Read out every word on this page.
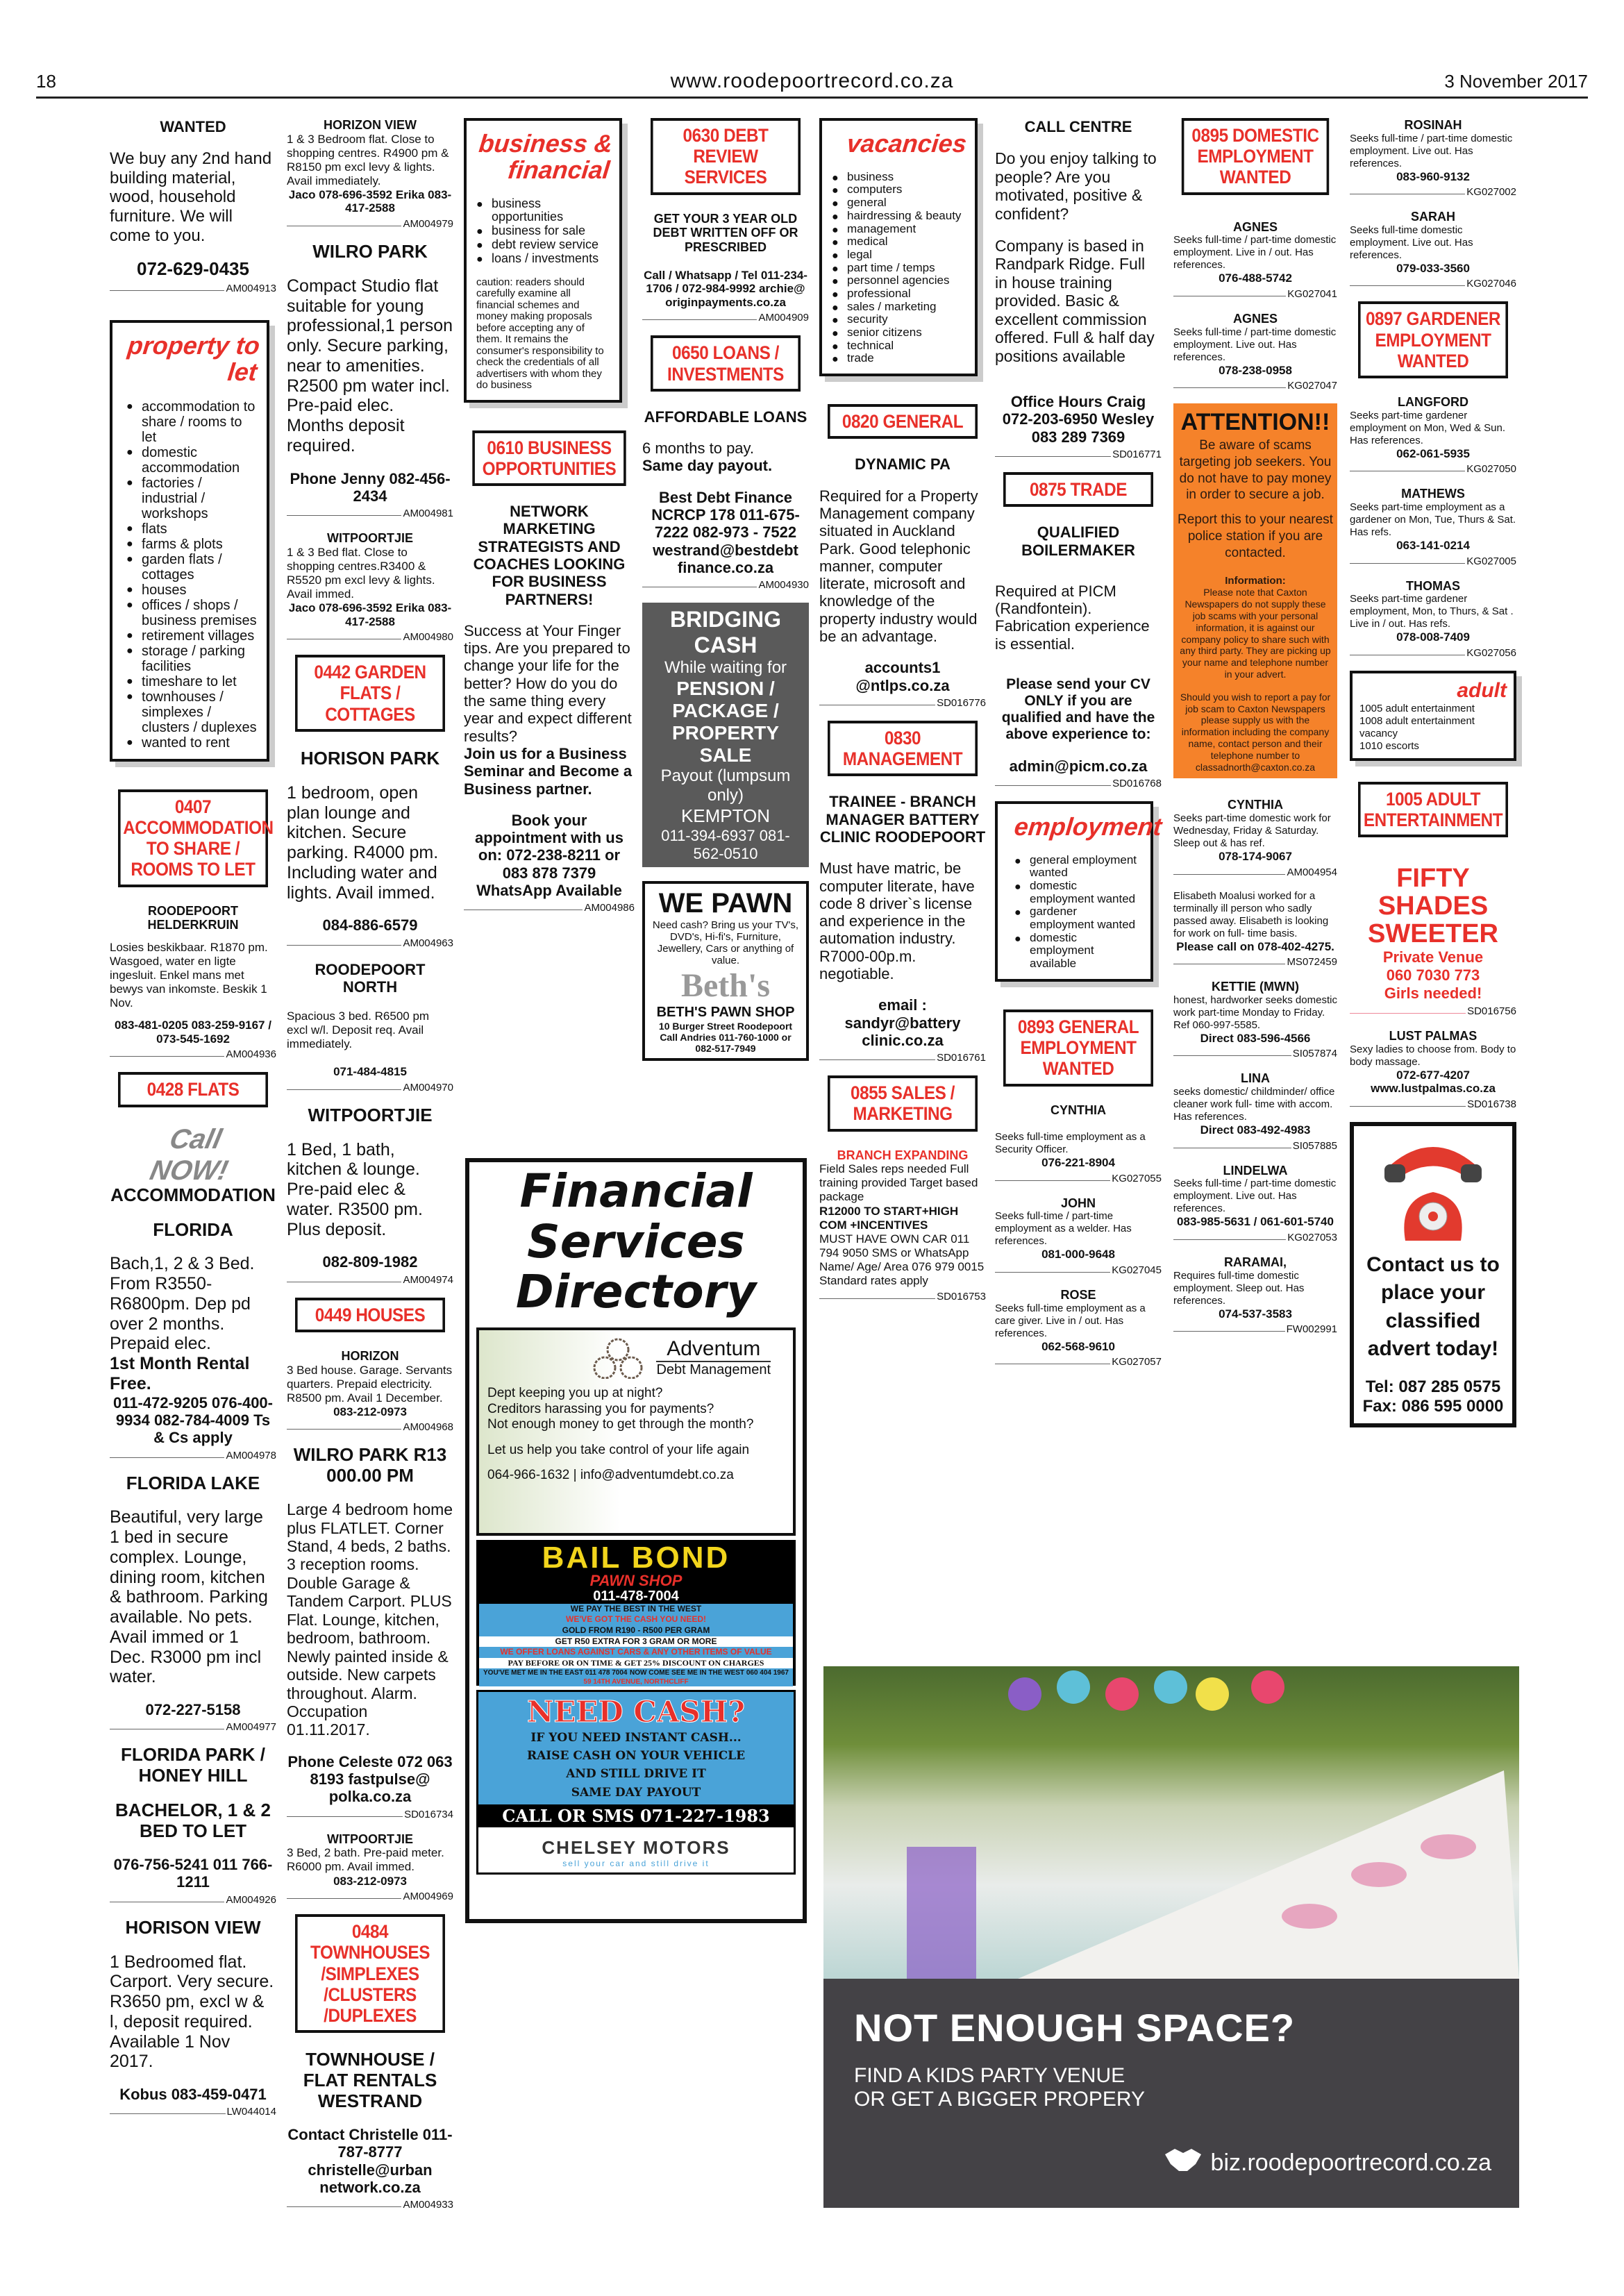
18	www.roodepoortrecord.co.za	3 November 2017
WANTED
We buy any 2nd hand building material, wood, household furniture. We will come to you.
072-629-0435
AM004913
property to let
● accommodation to share / rooms to let
● domestic accommodation
● factories / industrial / workshops
● flats
● farms & plots
● garden flats / cottages
● houses
● offices / shops / business premises
● retirement villages
● storage / parking facilities
● timeshare to let
● townhouses / simplexes / clusters / duplexes
● wanted to rent
0407 ACCOMMODATION TO SHARE / ROOMS TO LET
ROODEPOORT HELDERKRUIN
Losies beskikbaar. R1870 pm. Wasgoed, water en ligte ingesluit. Enkel mans met bewys van inkomste. Beskik 1 Nov.
083-481-0205 083-259-9167 / 073-545-1692
AM004936
0428 FLATS
Call NOW!
ACCOMMODATION
FLORIDA
Bach,1, 2 & 3 Bed. From R3550-R6800pm. Dep pd over 2 months. Prepaid elec.
1st Month Rental Free.
011-472-9205 076-400-9934 082-784-4009 Ts & Cs apply
AM004978
FLORIDA LAKE
Beautiful, very large 1 bed in secure complex. Lounge, dining room, kitchen & bathroom. Parking available. No pets. Avail immed or 1 Dec. R3000 pm incl water.
072-227-5158
AM004977
FLORIDA PARK / HONEY HILL
BACHELOR, 1 & 2 BED TO LET
076-756-5241 011 766-1211
AM004926
HORISON VIEW
1 Bedroomed flat. Carport. Very secure. R3650 pm, excl w & l, deposit required. Available 1 Nov 2017.
Kobus 083-459-0471
LW044014
HORIZON VIEW
1 & 3 Bedroom flat. Close to shopping centres. R4900 pm & R8150 pm excl levy & lights. Avail immediately.
Jaco 078-696-3592 Erika 083-417-2588
AM004979
WILRO PARK
Compact Studio flat suitable for young professional,1 person only. Secure parking, near to amenities. R2500 pm water incl. Pre-paid elec. Months deposit required.
Phone Jenny 082-456-2434
AM004981
WITPOORTJIE
1 & 3 Bed flat. Close to shopping centres.R3400 & R5520 pm excl levy & lights. Avail immed.
Jaco 078-696-3592 Erika 083-417-2588
AM004980
0442 GARDEN FLATS / COTTAGES
HORISON PARK
1 bedroom, open plan lounge and kitchen. Secure parking. R4000 pm. Including water and lights. Avail immed.
084-886-6579
AM004963
ROODEPOORT NORTH
Spacious 3 bed. R6500 pm excl w/l. Deposit req. Avail immediately.
071-484-4815
AM004970
WITPOORTJIE
1 Bed, 1 bath, kitchen & lounge. Pre-paid elec & water. R3500 pm. Plus deposit.
082-809-1982
AM004974
0449 HOUSES
HORIZON
3 Bed house. Garage. Servants quarters. Prepaid electricity. R8500 pm. Avail 1 December.
083-212-0973
AM004968
WILRO PARK R13 000.00 PM
Large 4 bedroom home plus FLATLET. Corner Stand, 4 beds, 2 baths. 3 reception rooms. Double Garage & Tandem Carport. PLUS Flat. Lounge, kitchen, bedroom, bathroom. Newly painted inside & outside. New carpets throughout. Alarm. Occupation 01.11.2017.
Phone Celeste 072 063 8193 fastpulse@ polka.co.za
SD016734
WITPOORTJIE
3 Bed, 2 bath. Pre-paid meter. R6000 pm. Avail immed.
083-212-0973
AM004969
0484 TOWNHOUSES /SIMPLEXES /CLUSTERS /DUPLEXES
TOWNHOUSE / FLAT RENTALS WESTRAND
Contact Christelle 011-787-8777 christelle@urban network.co.za
AM004933
business & financial
● business opportunities
● business for sale
● debt review service
● loans / investments
caution: readers should carefully examine all financial schemes and money making proposals before accepting any of them. It remains the consumer's responsibility to check the credentials of all advertisers with whom they do business
0610 BUSINESS OPPORTUNITIES
NETWORK MARKETING STRATEGISTS AND COACHES LOOKING FOR BUSINESS PARTNERS!
Success at Your Finger tips. Are you prepared to change your life for the better? How do you do the same thing every year and expect different results?
Join us for a Business Seminar and Become a Business partner.
Book your appointment with us on: 072-238-8211 or 083 878 7379 WhatsApp Available
AM004986
0630 DEBT REVIEW SERVICES
GET YOUR 3 YEAR OLD DEBT WRITTEN OFF OR PRESCRIBED
Call / Whatsapp / Tel 011-234-1706 / 072-984-9992 archie@ originpayments.co.za
AM004909
0650 LOANS / INVESTMENTS
AFFORDABLE LOANS
6 months to pay.
Same day payout.
Best Debt Finance NCRCP 178 011-675-7222 082-973 - 7522 westrand@bestdebt finance.co.za
AM004930
BRIDGING CASH
While waiting for
PENSION / PACKAGE / PROPERTY SALE
Payout (lumpsum only)
KEMPTON
011-394-6937 081-562-0510
WE PAWN
Need cash? Bring us your TV's, DVD's, Hi-fi's, Furniture, Jewellery, Cars or anything of value.
Beth's
BETH'S PAWN SHOP
10 Burger Street Roodepoort
Call Andries 011-760-1000 or 082-517-7949
Financial Services Directory

Adventum
Debt Management
Dept keeping you up at night?
Creditors harassing you for payments?
Not enough money to get through the month?
Let us help you take control of your life again
064-966-1632 | info@adventumdebt.co.za
BAIL BOND
PAWN SHOP
011-478-7004
WE PAY THE BEST IN THE WEST
WE'VE GOT THE CASH YOU NEED!
GOLD FROM R190 - R500 PER GRAM
GET R50 EXTRA FOR 3 GRAM OR MORE
WE OFFER LOANS AGAINST CARS & ANY OTHER ITEMS OF VALUE
PAY BEFORE OR ON TIME & GET 25% DISCOUNT ON CHARGES
YOU'VE MET ME IN THE EAST 011 478 7004 NOW COME SEE ME IN THE WEST 060 404 1967
59 14TH AVENUE, NORTHCLIFF
NEED CASH?
IF YOU NEED INSTANT CASH...
RAISE CASH ON YOUR VEHICLE
AND STILL DRIVE IT
SAME DAY PAYOUT
CALL OR SMS 071-227-1983
CHELSEY MOTORS
sell your car and still drive it
vacancies
● business
● computers
● general
● hairdressing & beauty
● management
● medical
● legal
● part time / temps
● personnel agencies
● professional
● sales / marketing
● security
● senior citizens
● technical
● trade
0820 GENERAL
DYNAMIC PA
Required for a Property Management company situated in Auckland Park. Good telephonic manner, computer literate, microsoft and knowledge of the property industry would be an advantage.
accounts1 @ntlps.co.za
SD016776
0830 MANAGEMENT
TRAINEE - BRANCH MANAGER BATTERY CLINIC ROODEPOORT
Must have matric, be computer literate, have code 8 driver`s license and experience in the automation industry. R7000-00p.m. negotiable.
email : sandyr@battery clinic.co.za
SD016761
0855 SALES / MARKETING
BRANCH EXPANDING
Field Sales reps needed Full training provided Target based package
R12000 TO START+HIGH COM +INCENTIVES
MUST HAVE OWN CAR 011 794 9050 SMS or WhatsApp Name/ Age/ Area 076 979 0015 Standard rates apply
SD016753
CALL CENTRE
Do you enjoy talking to people? Are you motivated, positive & confident?
Company is based in Randpark Ridge. Full in house training provided. Basic & excellent commission offered. Full & half day positions available
Office Hours Craig 072-203-6950 Wesley 083 289 7369
SD016771
0875 TRADE
QUALIFIED BOILERMAKER
Required at PICM (Randfontein). Fabrication experience is essential.
Please send your CV ONLY if you are qualified and have the above experience to:
admin@picm.co.za
SD016768
employment
● general employment wanted
● domestic employment wanted
● gardener employment wanted
● domestic employment available
0893 GENERAL EMPLOYMENT WANTED
CYNTHIA
Seeks full-time employment as a Security Officer.
076-221-8904
KG027055
JOHN
Seeks full-time / part-time employment as a welder. Has references.
081-000-9648
KG027045
ROSE
Seeks full-time employment as a care giver. Live in / out. Has references.
062-568-9610
KG027057
0895 DOMESTIC EMPLOYMENT WANTED
AGNES
Seeks full-time / part-time domestic employment. Live in / out. Has references.
076-488-5742
KG027041
AGNES
Seeks full-time / part-time domestic employment. Live out. Has references.
078-238-0958
KG027047
ATTENTION!!
Be aware of scams targeting job seekers. You do not have to pay money in order to secure a job.
Report this to your nearest police station if you are contacted.
Information:
Please note that Caxton Newspapers do not supply these job scams with your personal information, it is against our company policy to share such with any third party. They are picking up your name and telephone number in your advert.
Should you wish to report a pay for job scam to Caxton Newspapers please supply us with the information including the company name, contact person and their telephone number to classadnorth@caxton.co.za
CYNTHIA
Seeks part-time domestic work for Wednesday, Friday & Saturday. Sleep out & has ref.
078-174-9067
AM004954
Elisabeth Moalusi worked for a terminally ill person who sadly passed away. Elisabeth is looking for work on full- time basis.
Please call on 078-402-4275.
MS072459
KETTIE (MWN)
honest, hardworker seeks domestic work part-time Monday to Friday. Ref 060-997-5585.
Direct 083-596-4566
SI057874
LINA
seeks domestic/ childminder/ office cleaner work full- time with accom. Has references.
Direct 083-492-4983
SI057885
LINDELWA
Seeks full-time / part-time domestic employment. Live out. Has references.
083-985-5631 / 061-601-5740
KG027053
RARAMAI,
Requires full-time domestic employment. Sleep out. Has references.
074-537-3583
FW002991
ROSINAH
Seeks full-time / part-time domestic employment. Live out. Has references.
083-960-9132
KG027002
SARAH
Seeks full-time domestic employment. Live out. Has references.
079-033-3560
KG027046
0897 GARDENER EMPLOYMENT WANTED
LANGFORD
Seeks part-time gardener employment on Mon, Wed & Sun. Has references.
062-061-5935
KG027050
MATHEWS
Seeks part-time employment as a gardener on Mon, Tue, Thurs & Sat. Has refs.
063-141-0214
KG027005
THOMAS
Seeks part-time gardener employment, Mon, to Thurs, & Sat . Live in / out. Has refs.
078-008-7409
KG027056
adult
1005 adult entertainment
1008 adult entertainment vacancy
1010 escorts
1005 ADULT ENTERTAINMENT
FIFTY SHADES SWEETER
Private Venue
060 7030 773
Girls needed!
SD016756
LUST PALMAS
Sexy ladies to choose from. Body to body massage.
072-677-4207 www.lustpalmas.co.za
SD016738
Contact us to place your classified advert today!
Tel: 087 285 0575
Fax: 086 595 0000
NOT ENOUGH SPACE?
FIND A KIDS PARTY VENUE
OR GET A BIGGER PROPERY
biz.roodepoortrecord.co.za
